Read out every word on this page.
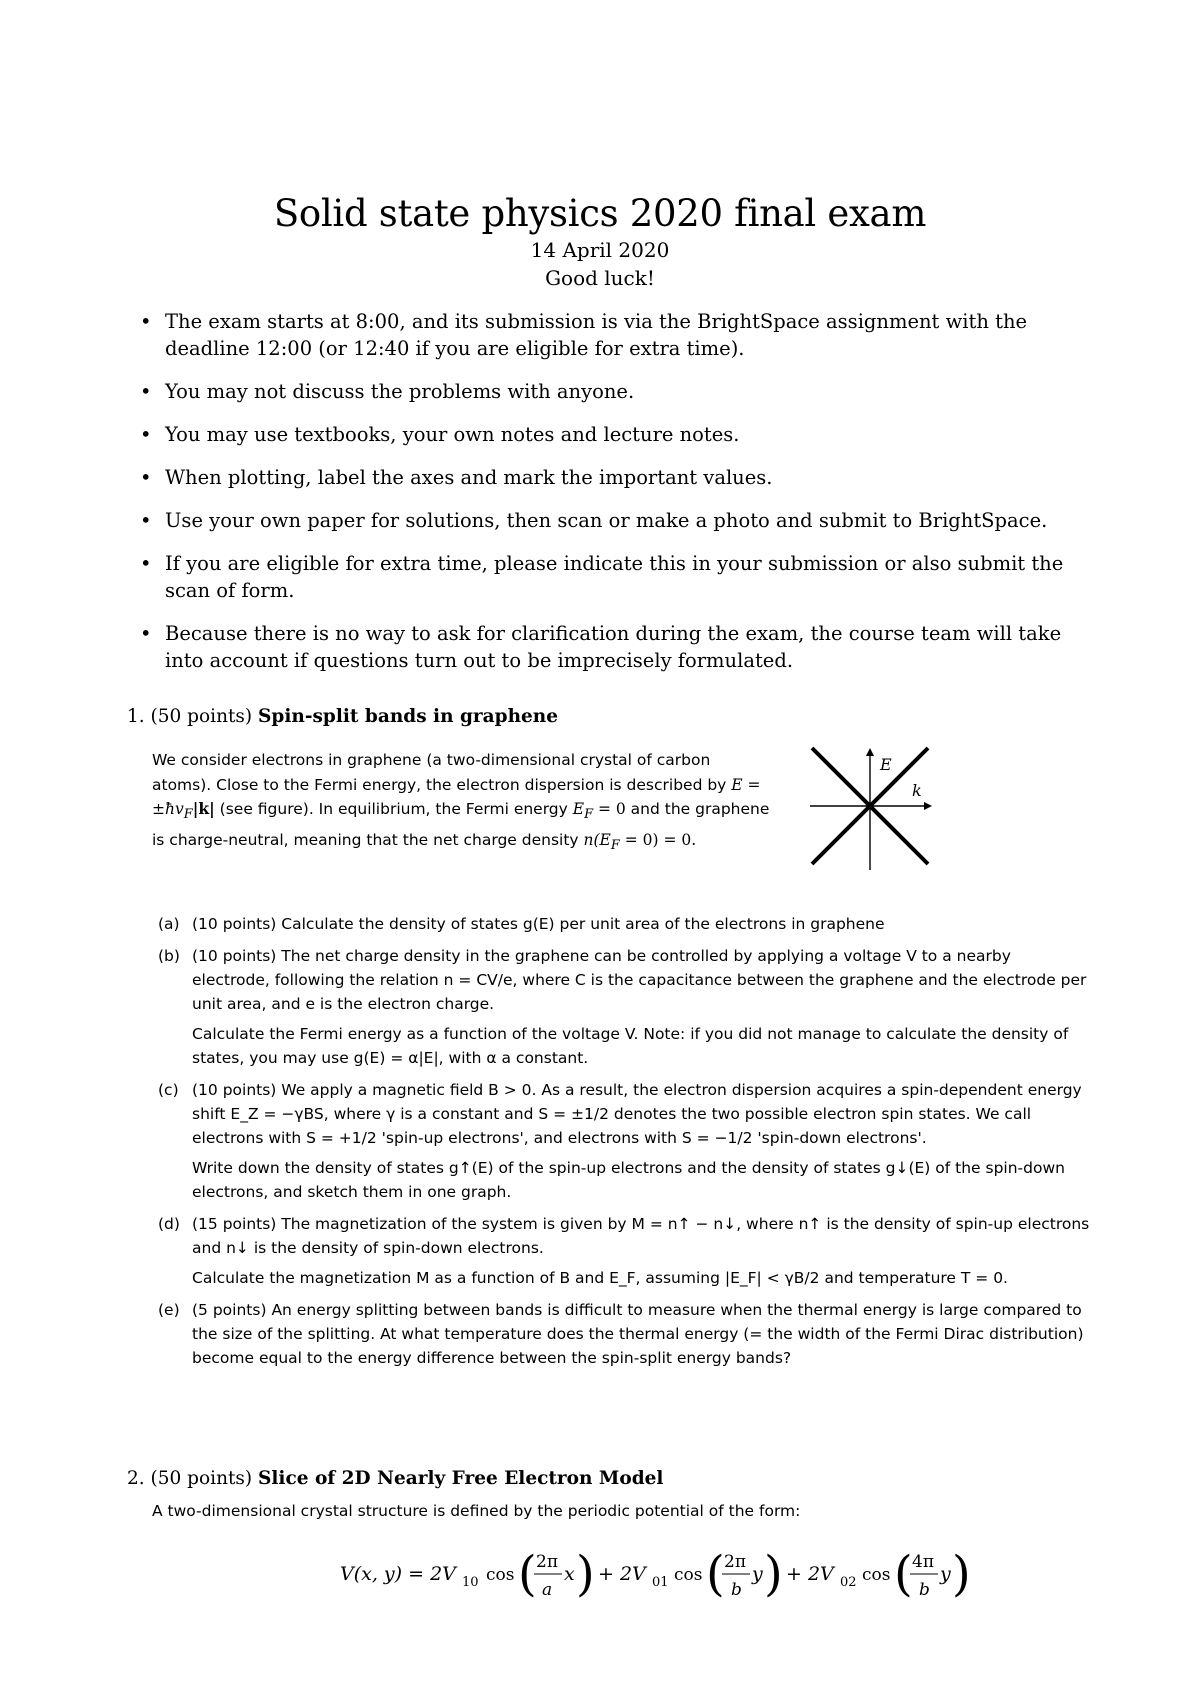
Solid state physics 2020 final exam
14 April 2020
Good luck!
• The exam starts at 8:00, and its submission is via the BrightSpace assignment with the deadline 12:00 (or 12:40 if you are eligible for extra time).
• You may not discuss the problems with anyone.
• You may use textbooks, your own notes and lecture notes.
• When plotting, label the axes and mark the important values.
• Use your own paper for solutions, then scan or make a photo and submit to BrightSpace.
• If you are eligible for extra time, please indicate this in your submission or also submit the scan of form.
• Because there is no way to ask for clarification during the exam, the course team will take into account if questions turn out to be imprecisely formulated.
1. (50 points) Spin-split bands in graphene
We consider electrons in graphene (a two-dimensional crystal of carbon atoms). Close to the Fermi energy, the electron dispersion is described by $E = \pm ħv_F|k|$ (see figure). In equilibrium, the Fermi energy $E_F = 0$ and the graphene is charge-neutral, meaning that the net charge density $n(E_F = 0) = 0$.
E
k
(a) (10 points) Calculate the density of states g(E) per unit area of the electrons in graphene

(b) (10 points) The net charge density in the graphene can be controlled by applying a voltage V to a nearby electrode, following the relation n = CV/e, where C is the capacitance between the graphene and the electrode per unit area, and e is the electron charge.

Calculate the Fermi energy as a function of the voltage V. Note: if you did not manage to calculate the density of states, you may use g(E) = α|E|, with α a constant.

(c) (10 points) We apply a magnetic field B > 0. As a result, the electron dispersion acquires a spin-dependent energy shift E_Z = −γBS, where γ is a constant and S = ±1/2 denotes the two possible electron spin states. We call electrons with S = +1/2 'spin-up electrons', and electrons with S = −1/2 'spin-down electrons'.

Write down the density of states g↑(E) of the spin-up electrons and the density of states g↓(E) of the spin-down electrons, and sketch them in one graph.

(d) (15 points) The magnetization of the system is given by M = n↑ − n↓, where n↑ is the density of spin-up electrons and n↓ is the density of spin-down electrons.

Calculate the magnetization M as a function of B and E_F, assuming |E_F| < γB/2 and temperature T = 0.

(e) (5 points) An energy splitting between bands is difficult to measure when the thermal energy is large compared to the size of the splitting. At what temperature does the thermal energy (= the width of the Fermi Dirac distribution) become equal to the energy difference between the spin-split energy bands?

2. (50 points) Slice of 2D Nearly Free Electron Model
A two-dimensional crystal structure is defined by the periodic potential of the form:
V(x, y) = 2V 10 cos ( 2π
a
x ) + 2V 01 cos ( 2π
b
y ) + 2V 02 cos ( 4π
b
y )
